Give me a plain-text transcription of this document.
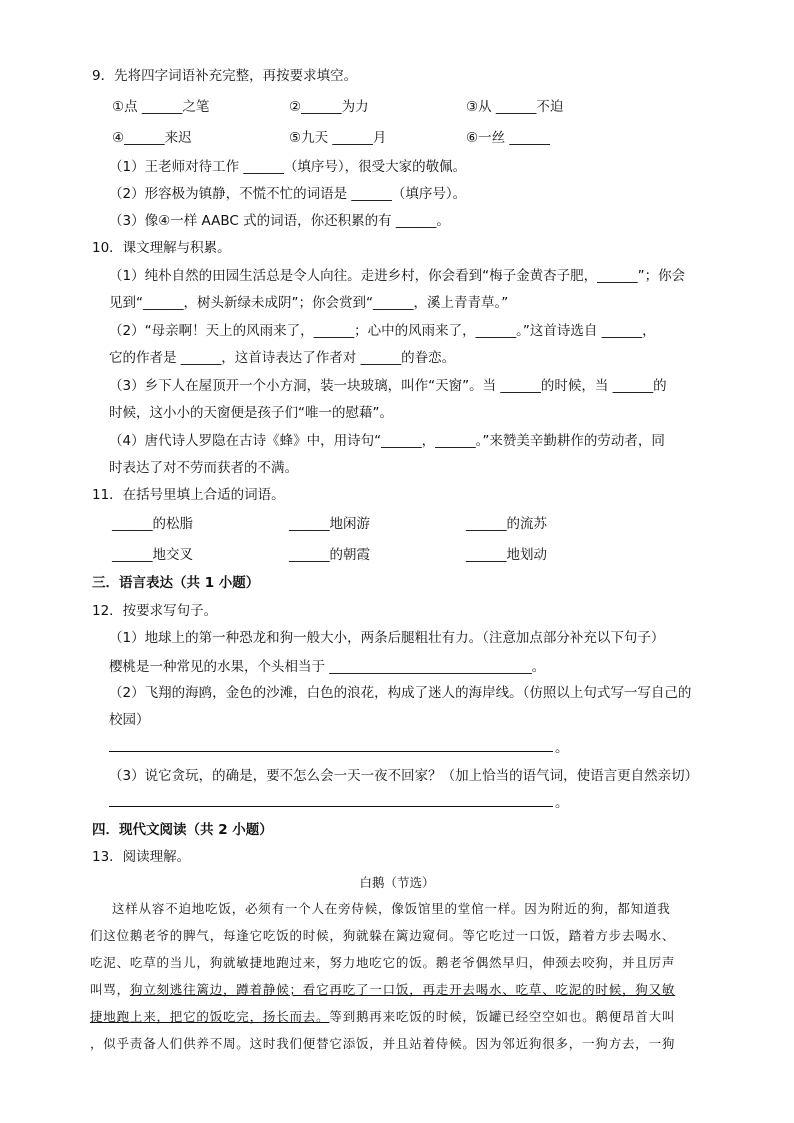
9．先将四字词语补充完整，再按要求填空。
①点 ______之笔	②______为力	③从 ______不迫
④______来迟	⑤九天 ______月	⑥一丝 ______
（1）王老师对待工作 ______（填序号），很受大家的敬佩。
（2）形容极为镇静，不慌不忙的词语是 ______（填序号）。
（3）像④一样 AABC 式的词语，你还积累的有 ______。
10．课文理解与积累。
（1）纯朴自然的田园生活总是令人向往。走进乡村，你会看到“梅子金黄杏子肥，______”；你会
见到“______，树头新绿未成阴”；你会赏到“______，溪上青青草。”
（2）“母亲啊！天上的风雨来了，______；心中的风雨来了，______。”这首诗选自 ______，
它的作者是 ______，这首诗表达了作者对 ______的眷恋。
（3）乡下人在屋顶开一个小方洞，装一块玻璃，叫作“天窗”。当 ______的时候，当 ______的
时候，这小小的天窗便是孩子们“唯一的慰藉”。
（4）唐代诗人罗隐在古诗《蜂》中，用诗句“______，______。”来赞美辛勤耕作的劳动者，同
时表达了对不劳而获者的不满。
11．在括号里填上合适的词语。
______的松脂	______地闲游	______的流苏
______地交叉	______的朝霞	______地划动
三．语言表达（共 1 小题）
12．按要求写句子。
（1）地球上的第一种恐龙和狗一般大小，两条后腿粗壮有力。（注意加点部分补充以下句子）
樱桃是一种常见的水果，个头相当于 ______________________________。
（2）飞翔的海鸥，金色的沙滩，白色的浪花，构成了迷人的海岸线。（仿照以上句式写一写自己的
校园）
。
（3）说它贪玩，的确是，要不怎么会一天一夜不回家？（加上恰当的语气词，使语言更自然亲切）
。
四．现代文阅读（共 2 小题）
13．阅读理解。
白鹅（节选）
这样从容不迫地吃饭，必须有一个人在旁侍候，像饭馆里的堂倌一样。因为附近的狗，都知道我
们这位鹅老爷的脾气，每逢它吃饭的时候，狗就躲在篱边窥伺。等它吃过一口饭，踏着方步去喝水、
吃泥、吃草的当儿，狗就敏捷地跑过来，努力地吃它的饭。鹅老爷偶然早归，伸颈去咬狗，并且厉声
叫骂，狗立刻逃往篱边，蹲着静候；看它再吃了一口饭，再走开去喝水、吃草、吃泥的时候，狗又敏
捷地跑上来，把它的饭吃完，扬长而去。等到鹅再来吃饭的时候，饭罐已经空空如也。鹅便昂首大叫
，似乎责备人们供养不周。这时我们便替它添饭，并且站着侍候。因为邻近狗很多，一狗方去，一狗
